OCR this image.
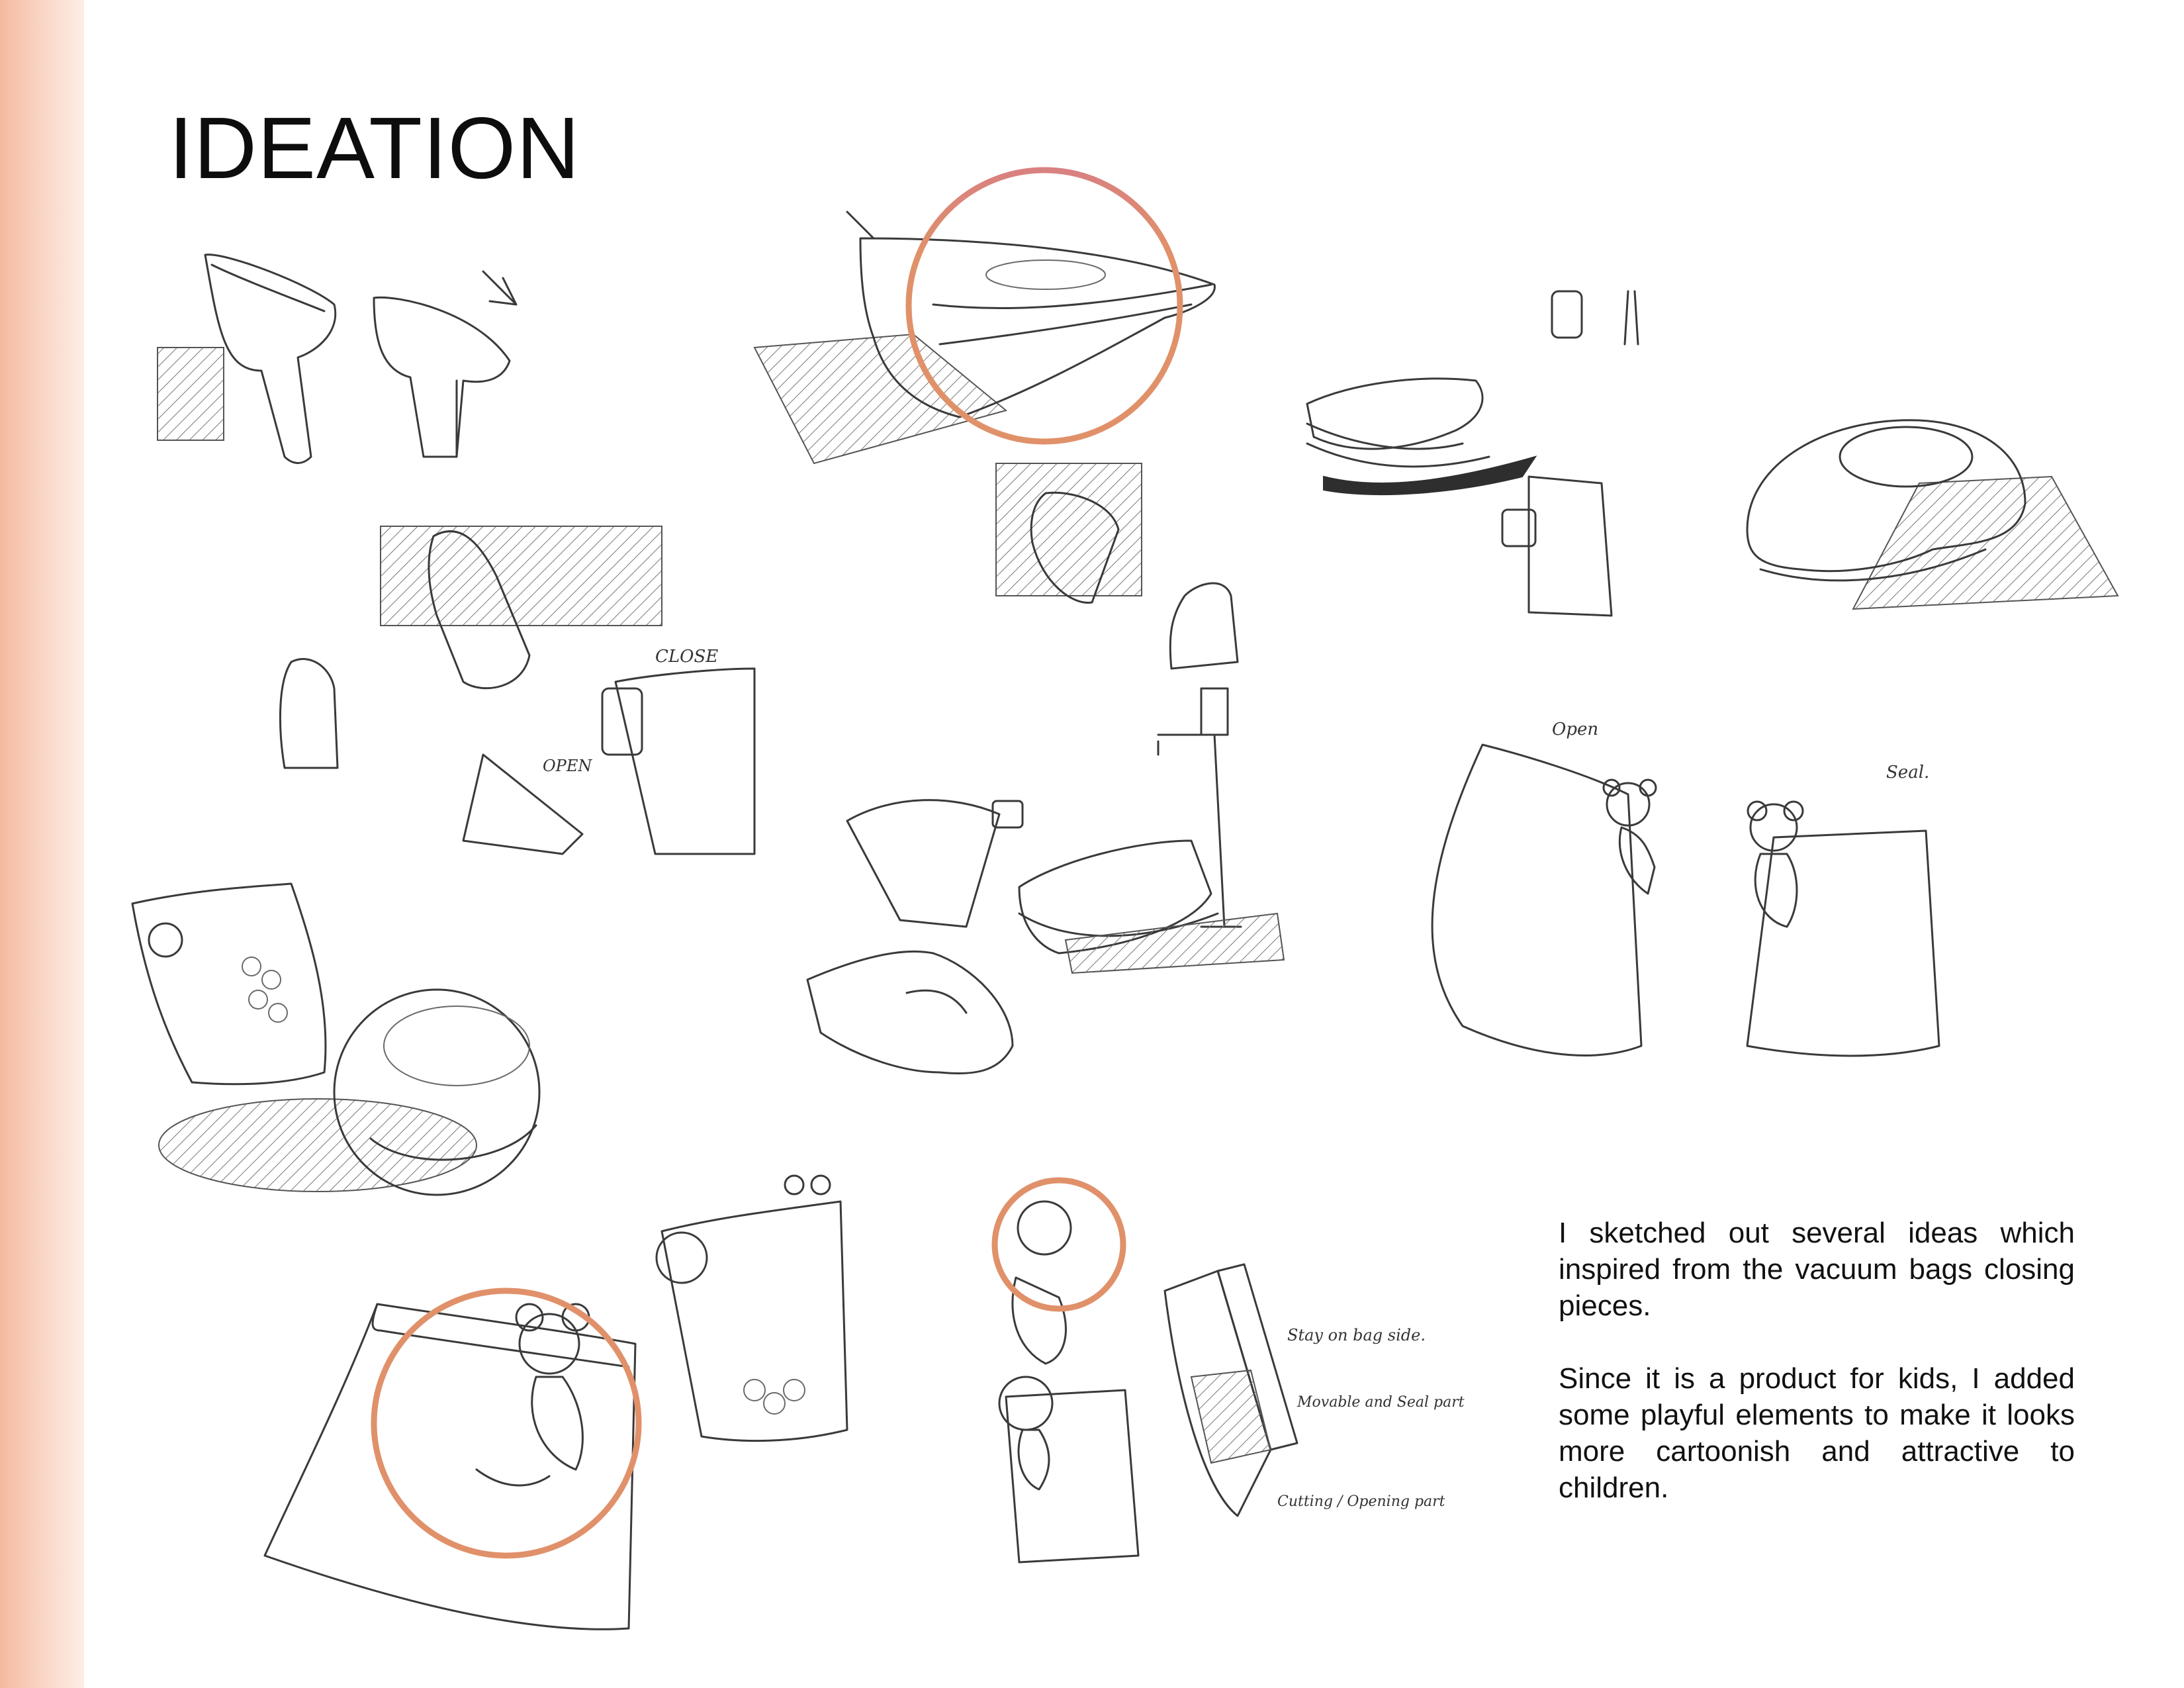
IDEATION
CLOSE
OPEN
Open
Seal.
Stay on bag side.
Movable and Seal part
Cutting / Opening part

I sketched out several ideas which inspired from the vacuum bags closing pieces.

Since it is a product for kids, I added some playful elements to make it looks more cartoonish and attractive to children.
